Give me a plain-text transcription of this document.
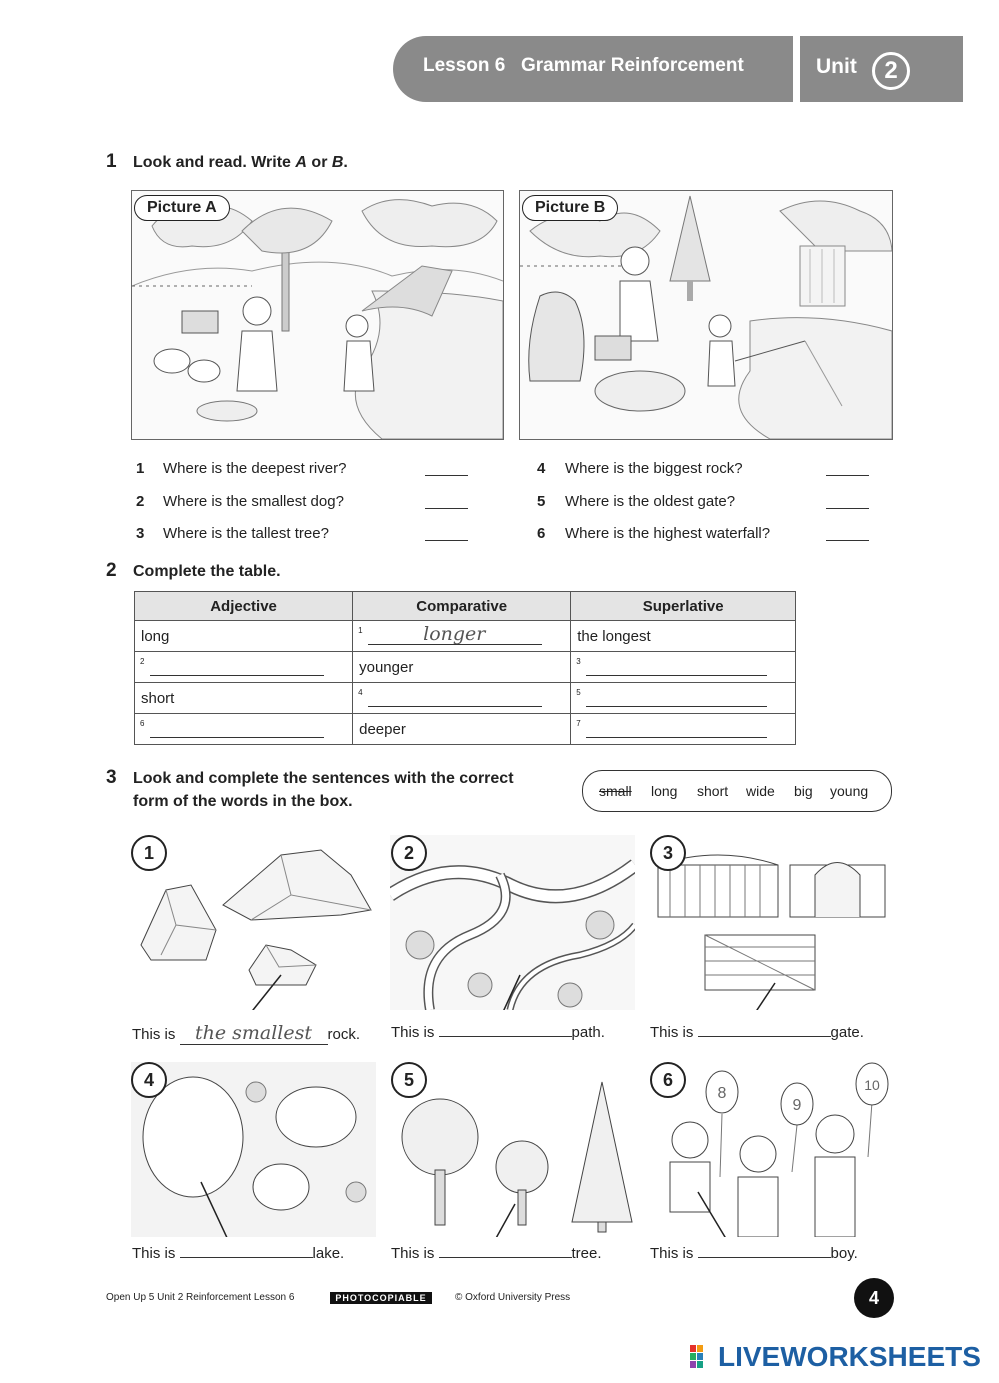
Lesson 6 Grammar Reinforcement	Unit	2
1 Look and read. Write A or B.
Picture A	Picture B
1 Where is the deepest river?
2 Where is the smallest dog?
3 Where is the tallest tree?
4 Where is the biggest rock?
5 Where is the oldest gate?
6 Where is the highest waterfall?
2 Complete the table.
Adjective	Comparative	Superlative
long	1 longer	the longest

2	younger	3

short	4	5

6	deeper	7
3 Look and complete the sentences with the correct
form of the words in the box.
small long short wide big young
1
This is the smallest rock.
2
This is	path.
3
This is	gate.
4
This is	lake.
5
This is	tree.
8
9
10
6
This is	boy.
Open Up 5 Unit 2 Reinforcement Lesson 6	PHOTOCOPIABLE	© Oxford University Press	4
LIVEWORKSHEETS
